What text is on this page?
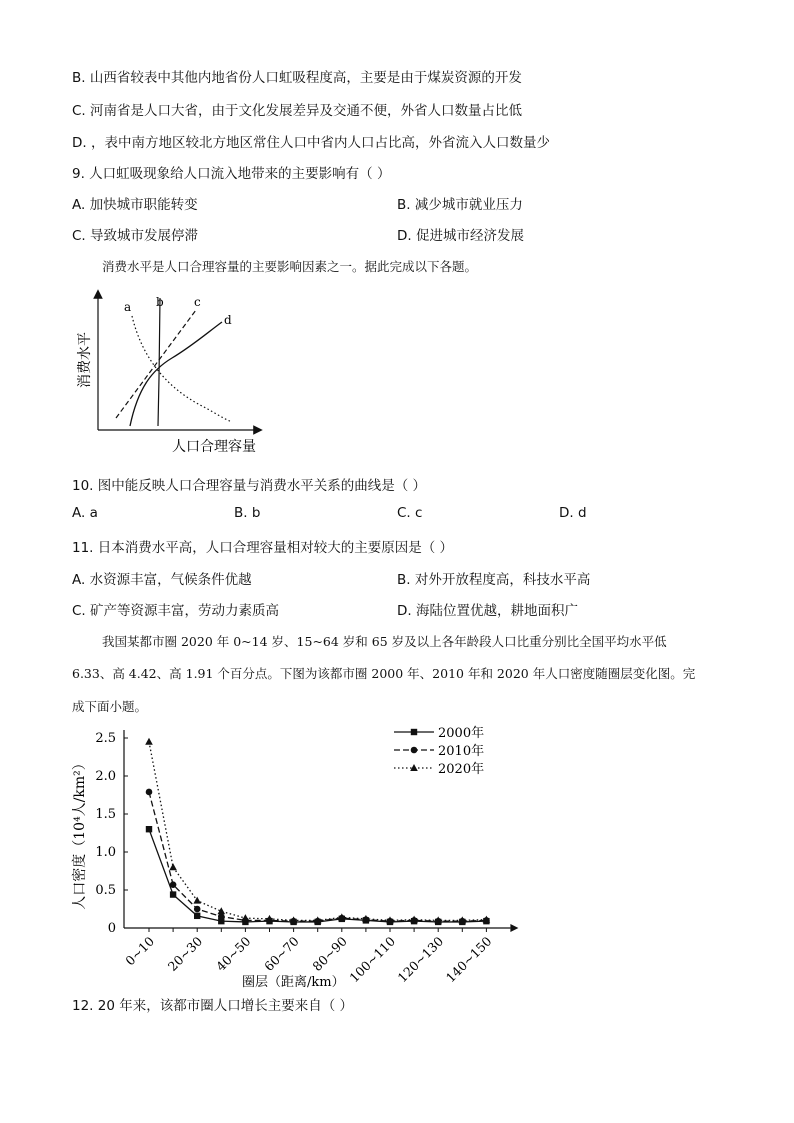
B. 山西省较表中其他内地省份人口虹吸程度高，主要是由于煤炭资源的开发
C. 河南省是人口大省，由于文化发展差异及交通不便，外省人口数量占比低
D. ，表中南方地区较北方地区常住人口中省内人口占比高，外省流入人口数量少
9. 人口虹吸现象给人口流入地带来的主要影响有（ ）
A. 加快城市职能转变	B. 减少城市就业压力
C. 导致城市发展停滞	D. 促进城市经济发展
消费水平是人口合理容量的主要影响因素之一。据此完成以下各题。
a b	c
d
人口合理容量
消费水平
10. 图中能反映人口合理容量与消费水平关系的曲线是（ ）
A. a	B. b	C. c	D. d
11. 日本消费水平高，人口合理容量相对较大的主要原因是（ ）
A. 水资源丰富，气候条件优越	B. 对外开放程度高，科技水平高
C. 矿产等资源丰富，劳动力素质高	D. 海陆位置优越，耕地面积广
我国某都市圈 2020 年 0~14 岁、15~64 岁和 65 岁及以上各年龄段人口比重分别比全国平均水平低
6.33、高 4.42、高 1.91 个百分点。下图为该都市圈 2000 年、2010 年和 2020 年人口密度随圈层变化图。完
成下面小题。
0
0.5
1.0
1.5
2.0
2.5
0~10 20~30 40~50 60~70 80~90
100~110
120~130
140~150
人口密度（10⁴人/km²）
圈层（距离/km）
2000年
2010年
2020年
12. 20 年来，该都市圈人口增长主要来自（ ）
